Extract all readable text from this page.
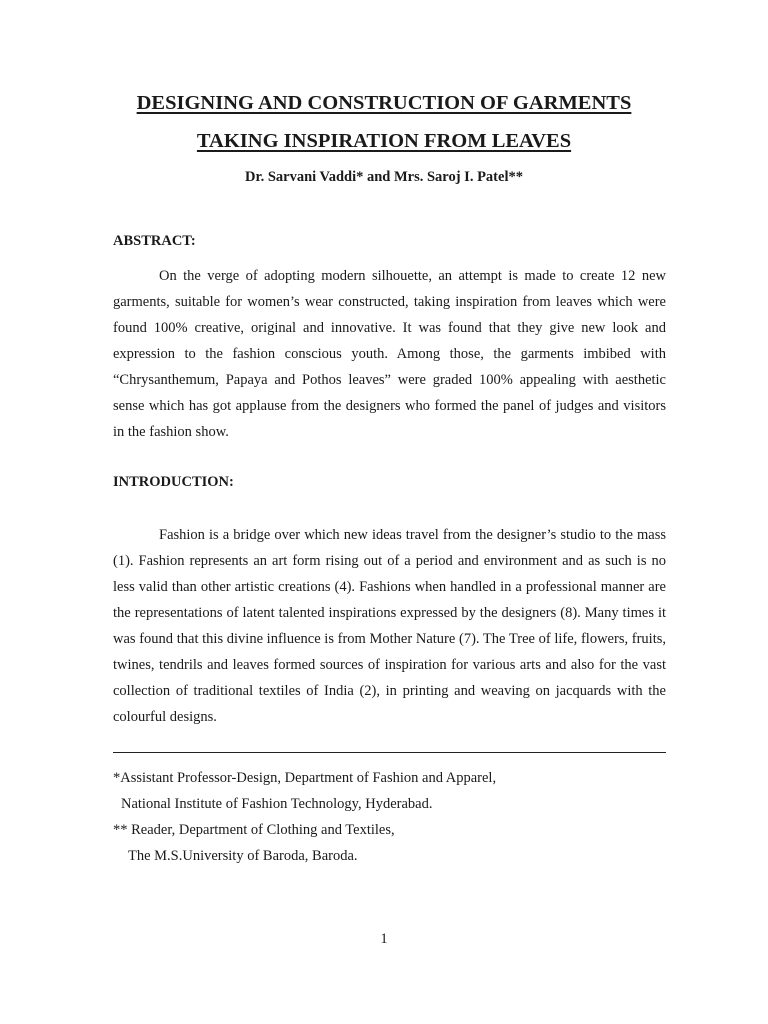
DESIGNING AND CONSTRUCTION OF GARMENTS
TAKING INSPIRATION FROM LEAVES
Dr. Sarvani Vaddi* and Mrs. Saroj I. Patel**
ABSTRACT:

On the verge of adopting modern silhouette, an attempt is made to create 12 new garments, suitable for women’s wear constructed, taking inspiration from leaves which were found 100% creative, original and innovative. It was found that they give new look and expression to the fashion conscious youth. Among those, the garments imbibed with “Chrysanthemum, Papaya and Pothos leaves” were graded 100% appealing with aesthetic sense which has got applause from the designers who formed the panel of judges and visitors in the fashion show.

INTRODUCTION:

Fashion is a bridge over which new ideas travel from the designer’s studio to the mass (1). Fashion represents an art form rising out of a period and environment and as such is no less valid than other artistic creations (4). Fashions when handled in a professional manner are the representations of latent talented inspirations expressed by the designers (8). Many times it was found that this divine influence is from Mother Nature (7). The Tree of life, flowers, fruits, twines, tendrils and leaves formed sources of inspiration for various arts and also for the vast collection of traditional textiles of India (2), in printing and weaving on jacquards with the colourful designs.

*Assistant Professor-Design, Department of Fashion and Apparel,
National Institute of Fashion Technology, Hyderabad.
** Reader, Department of Clothing and Textiles,
The M.S.University of Baroda, Baroda.
1
